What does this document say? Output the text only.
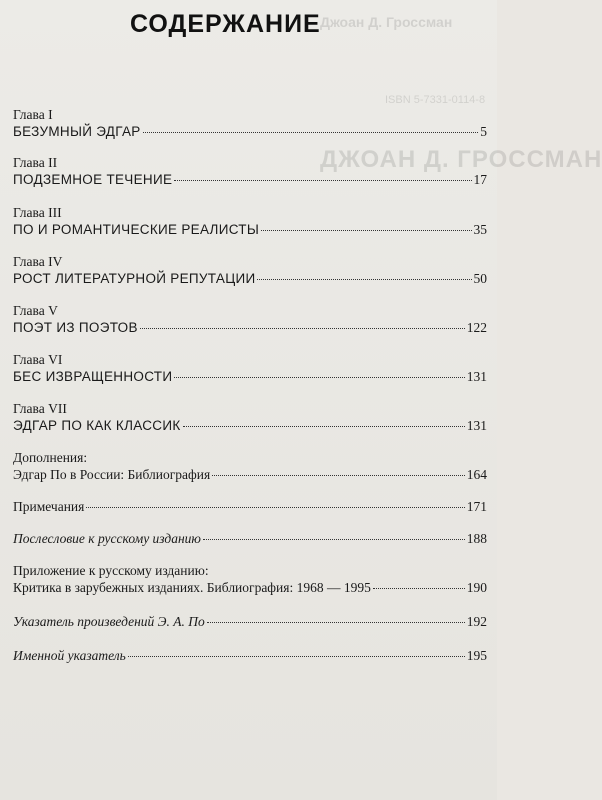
Джоан Д. Гроссман
ISBN 5-7331-0114-8
ДЖОАН Д. ГРОССМАН
СОДЕРЖАНИЕ
Глава I
БЕЗУМНЫЙ ЭДГАР	5
Глава II
ПОДЗЕМНОЕ ТЕЧЕНИЕ	17
Глава III
ПО И РОМАНТИЧЕСКИЕ РЕАЛИСТЫ	35
Глава IV
РОСТ ЛИТЕРАТУРНОЙ РЕПУТАЦИИ	50
Глава V
ПОЭТ ИЗ ПОЭТОВ	122
Глава VI
БЕС ИЗВРАЩЕННОСТИ	131
Глава VII
ЭДГАР ПО КАК КЛАССИК	131
Дополнения:
Эдгар По в России: Библиография	164
Примечания	171
Послесловие к русскому изданию	188
Приложение к русскому изданию:
Критика в зарубежных изданиях. Библиография: 1968 — 1995	190
Указатель произведений Э. А. По	192
Именной указатель	195
